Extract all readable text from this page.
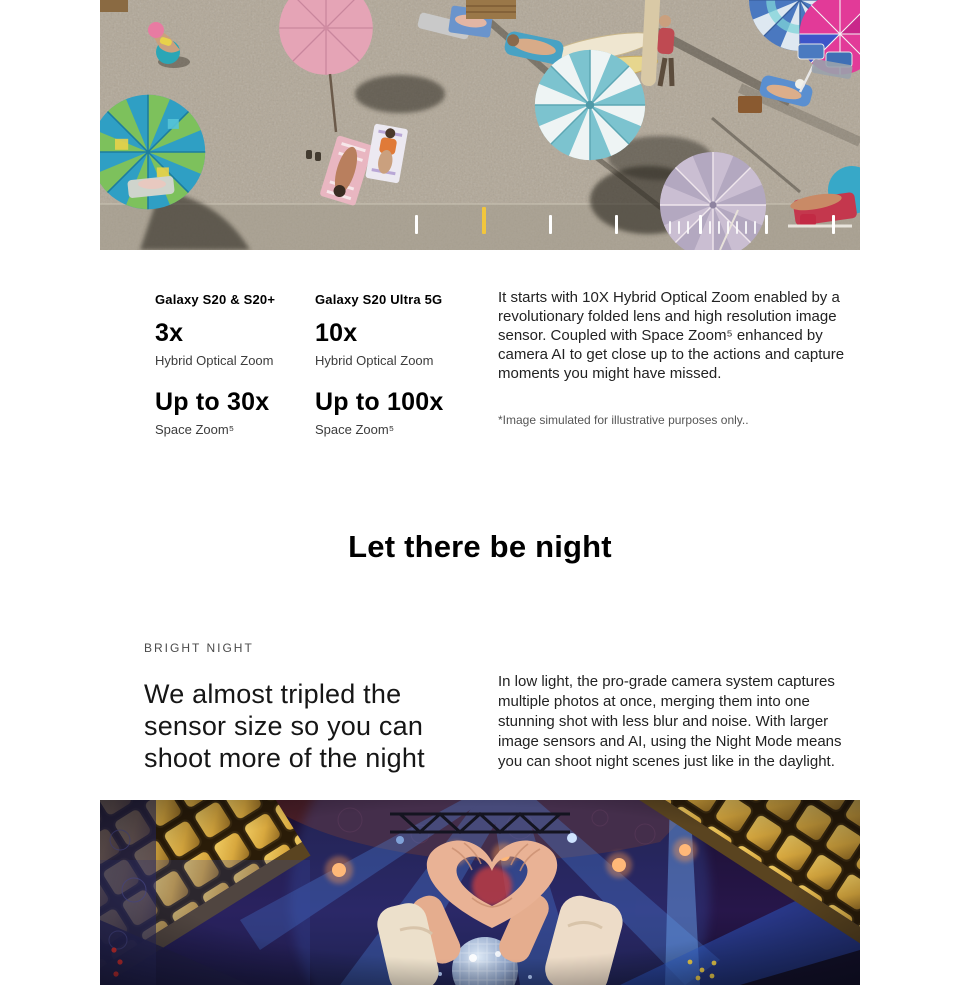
Galaxy S20 & S20+
3x
Hybrid Optical Zoom
Up to 30x
Space Zoom⁵
Galaxy S20 Ultra 5G
10x
Hybrid Optical Zoom
Up to 100x
Space Zoom⁵

It starts with 10X Hybrid Optical Zoom enabled by a revolutionary folded lens and high resolution image sensor. Coupled with Space Zoom⁵ enhanced by camera AI to get close up to the actions and capture moments you might have missed.

*Image simulated for illustrative purposes only..

Let there be night
BRIGHT NIGHT
We almost tripled the sensor size so you can shoot more of the night

In low light, the pro-grade camera system captures multiple photos at once, merging them into one stunning shot with less blur and noise. With larger image sensors and AI, using the Night Mode means you can shoot night scenes just like in the daylight.
